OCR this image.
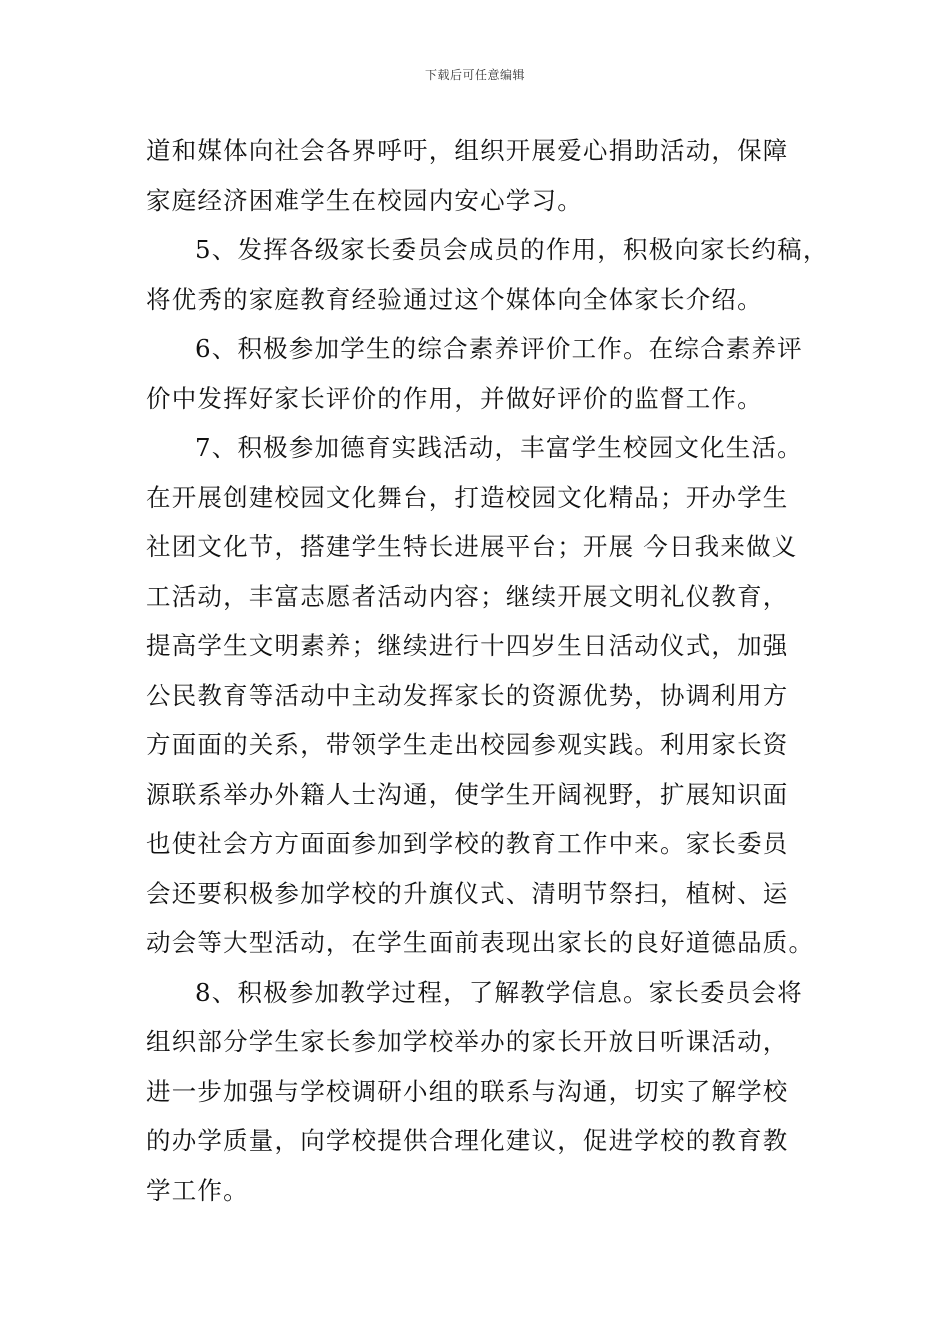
下载后可任意编辑
道和媒体向社会各界呼吁，组织开展爱心捐助活动，保障
家庭经济困难学生在校园内安心学习。
5、发挥各级家长委员会成员的作用，积极向家长约稿，
将优秀的家庭教育经验通过这个媒体向全体家长介绍。
6、积极参加学生的综合素养评价工作。在综合素养评
价中发挥好家长评价的作用，并做好评价的监督工作。
7、积极参加德育实践活动，丰富学生校园文化生活。
在开展创建校园文化舞台，打造校园文化精品；开办学生
社团文化节，搭建学生特长进展平台；开展 今日我来做义
工活动，丰富志愿者活动内容；继续开展文明礼仪教育，
提高学生文明素养；继续进行十四岁生日活动仪式，加强
公民教育等活动中主动发挥家长的资源优势，协调利用方
方面面的关系，带领学生走出校园参观实践。利用家长资
源联系举办外籍人士沟通，使学生开阔视野，扩展知识面
也使社会方方面面参加到学校的教育工作中来。家长委员
会还要积极参加学校的升旗仪式、清明节祭扫，植树、运
动会等大型活动，在学生面前表现出家长的良好道德品质。
8、积极参加教学过程，了解教学信息。家长委员会将
组织部分学生家长参加学校举办的家长开放日听课活动，
进一步加强与学校调研小组的联系与沟通，切实了解学校
的办学质量，向学校提供合理化建议，促进学校的教育教
学工作。
